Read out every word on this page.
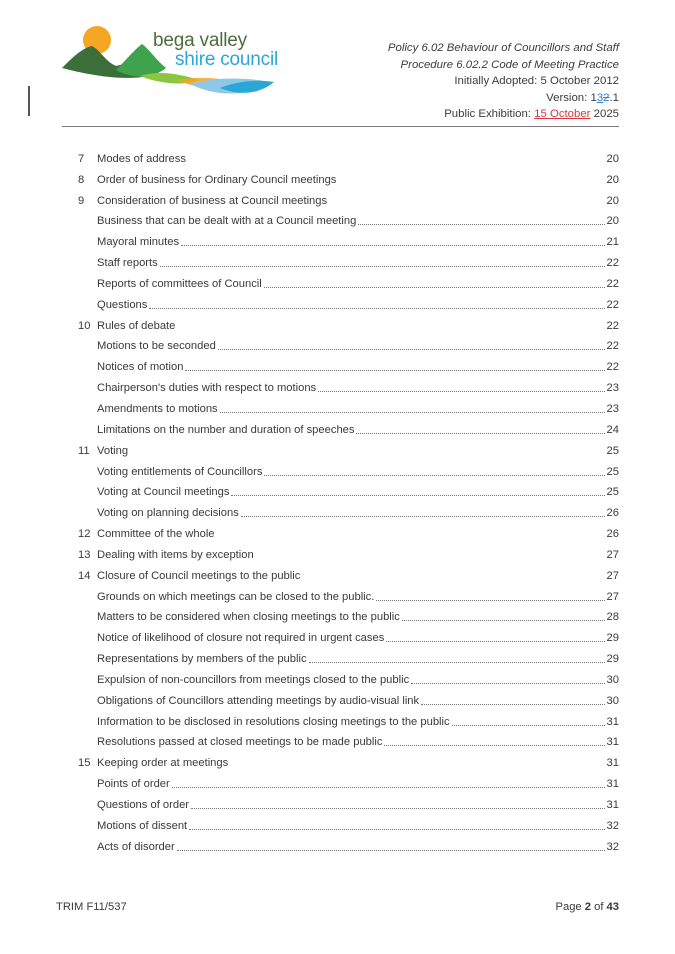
bega valley
shire council
Policy 6.02 Behaviour of Councillors and Staff
Procedure 6.02.2 Code of Meeting Practice
Initially Adopted: 5 October 2012
Version: 132.1
Public Exhibition: 15 October 2025
7	Modes of address	20
8	Order of business for Ordinary Council meetings	20
9	Consideration of business at Council meetings	20
Business that can be dealt with at a Council meeting	20
Mayoral minutes	21
Staff reports	22
Reports of committees of Council	22
Questions	22
10 Rules of debate	22
Motions to be seconded	22
Notices of motion	22
Chairperson's duties with respect to motions	23
Amendments to motions	23
Limitations on the number and duration of speeches	24
11 Voting	25
Voting entitlements of Councillors	25
Voting at Council meetings	25
Voting on planning decisions	26
12 Committee of the whole	26
13 Dealing with items by exception	27
14 Closure of Council meetings to the public	27
Grounds on which meetings can be closed to the public.	27
Matters to be considered when closing meetings to the public	28
Notice of likelihood of closure not required in urgent cases	29
Representations by members of the public	29
Expulsion of non-councillors from meetings closed to the public	30
Obligations of Councillors attending meetings by audio-visual link	30
Information to be disclosed in resolutions closing meetings to the public	31
Resolutions passed at closed meetings to be made public	31
15 Keeping order at meetings	31
Points of order	31
Questions of order	31
Motions of dissent	32
Acts of disorder	32
TRIM F11/537	Page 2 of 43
